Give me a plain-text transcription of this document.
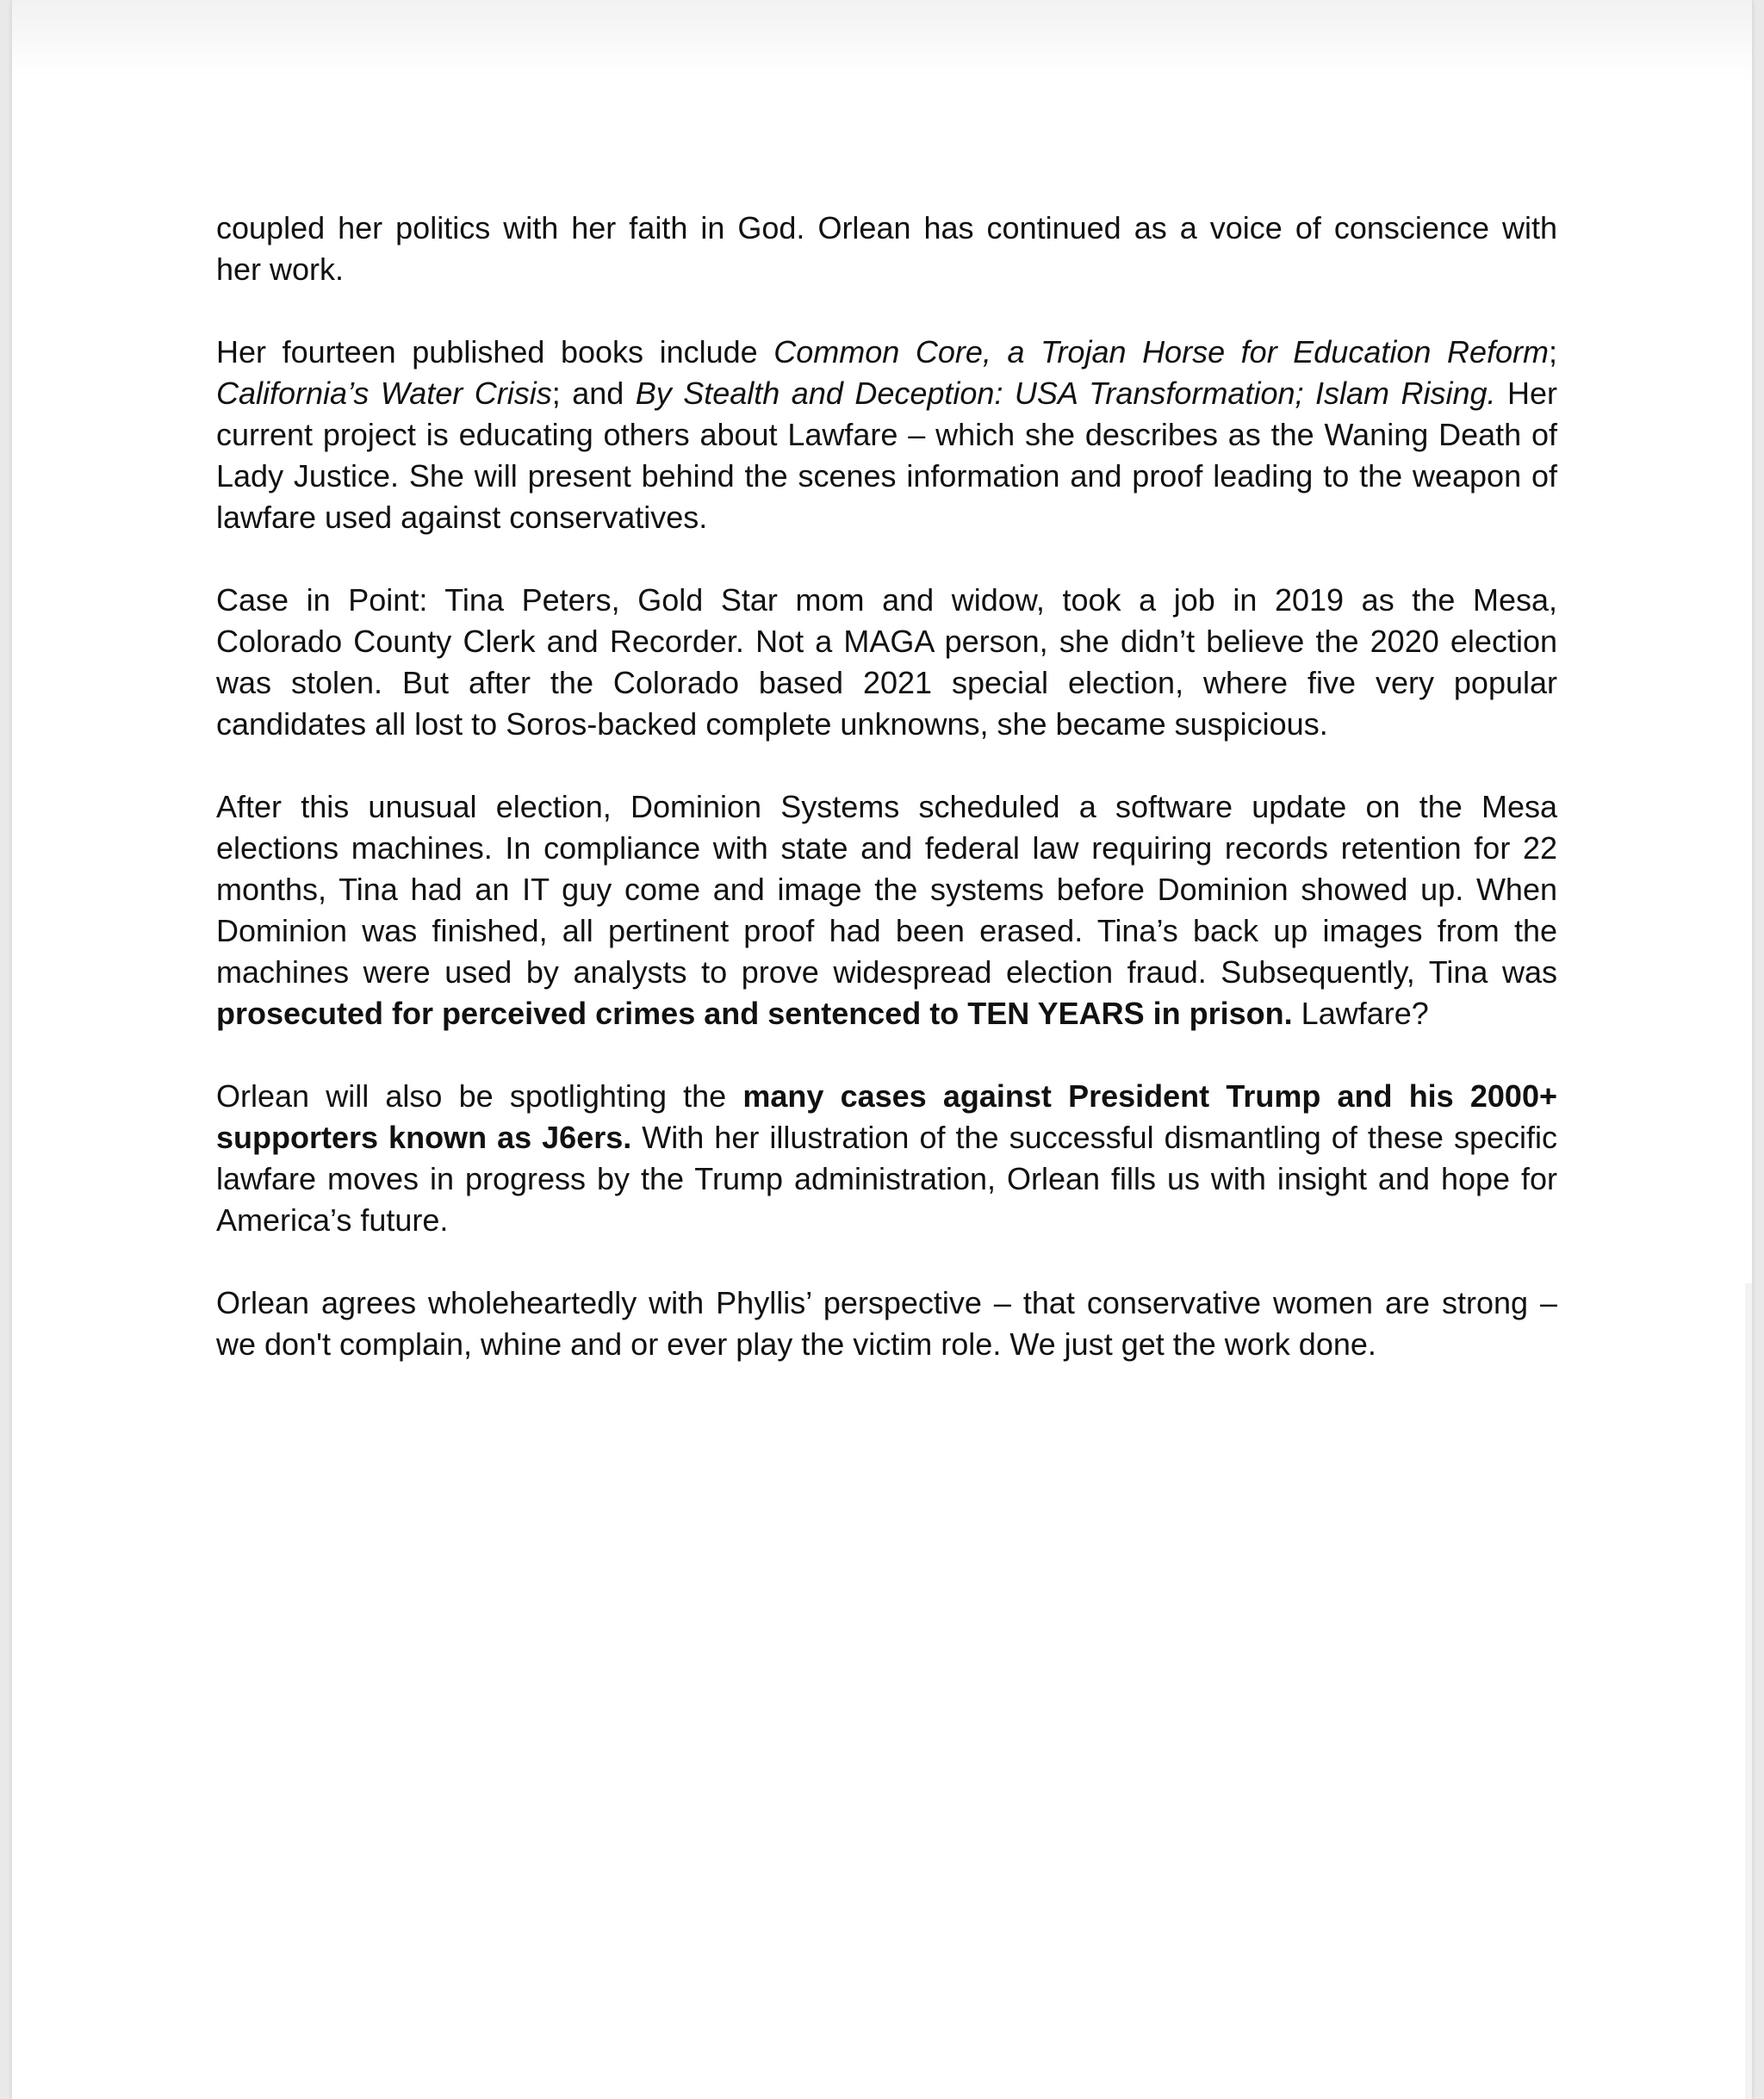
coupled her politics with her faith in God. Orlean has continued as a voice of conscience with
her work.

Her fourteen published books include Common Core, a Trojan Horse for Education Reform;
California’s Water Crisis; and By Stealth and Deception: USA Transformation; Islam Rising. Her
current project is educating others about Lawfare – which she describes as the Waning Death of
Lady Justice. She will present behind the scenes information and proof leading to the weapon of
lawfare used against conservatives.

Case in Point: Tina Peters, Gold Star mom and widow, took a job in 2019 as the Mesa,
Colorado County Clerk and Recorder. Not a MAGA person, she didn’t believe the 2020 election
was stolen. But after the Colorado based 2021 special election, where five very popular
candidates all lost to Soros-backed complete unknowns, she became suspicious.

After this unusual election, Dominion Systems scheduled a software update on the Mesa
elections machines. In compliance with state and federal law requiring records retention for 22
months, Tina had an IT guy come and image the systems before Dominion showed up. When
Dominion was finished, all pertinent proof had been erased. Tina’s back up images from the
machines were used by analysts to prove widespread election fraud. Subsequently, Tina was
prosecuted for perceived crimes and sentenced to TEN YEARS in prison. Lawfare?

Orlean will also be spotlighting the many cases against President Trump and his 2000+
supporters known as J6ers. With her illustration of the successful dismantling of these specific
lawfare moves in progress by the Trump administration, Orlean fills us with insight and hope for
America’s future.

Orlean agrees wholeheartedly with Phyllis’ perspective – that conservative women are strong –
we don't complain, whine and or ever play the victim role. We just get the work done.
